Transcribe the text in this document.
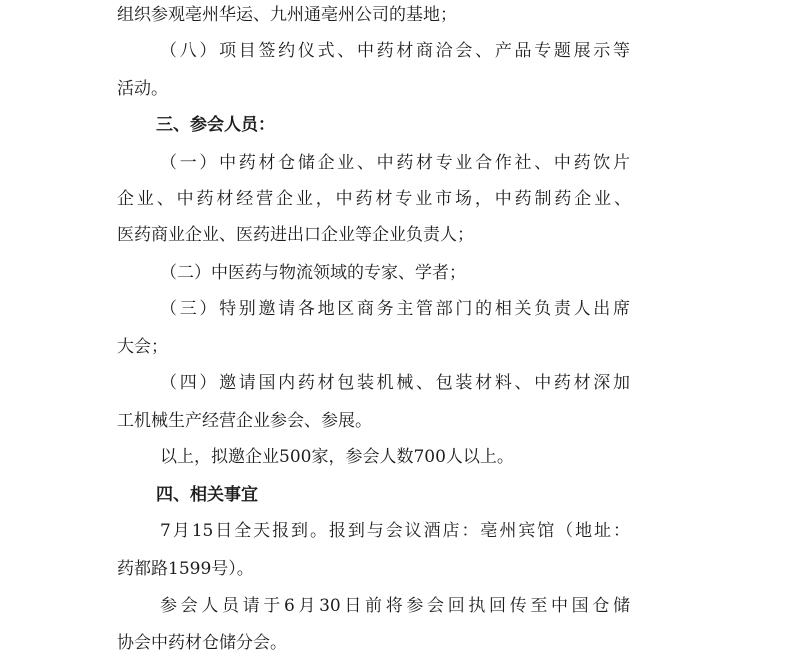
组织参观亳州华运、九州通亳州公司的基地；
（八）项目签约仪式、中药材商洽会、产品专题展示等
活动。
三、参会人员：
（一）中药材仓储企业、中药材专业合作社、中药饮片
企业、中药材经营企业，中药材专业市场，中药制药企业、
医药商业企业、医药进出口企业等企业负责人；
（二）中医药与物流领域的专家、学者；
（三）特别邀请各地区商务主管部门的相关负责人出席
大会；
（四）邀请国内药材包装机械、包装材料、中药材深加
工机械生产经营企业参会、参展。
以上，拟邀企业500家，参会人数700人以上。
四、相关事宜
7月15日全天报到。报到与会议酒店：亳州宾馆（地址：
药都路1599号）。
参会人员请于6月30日前将参会回执回传至中国仓储
协会中药材仓储分会。
